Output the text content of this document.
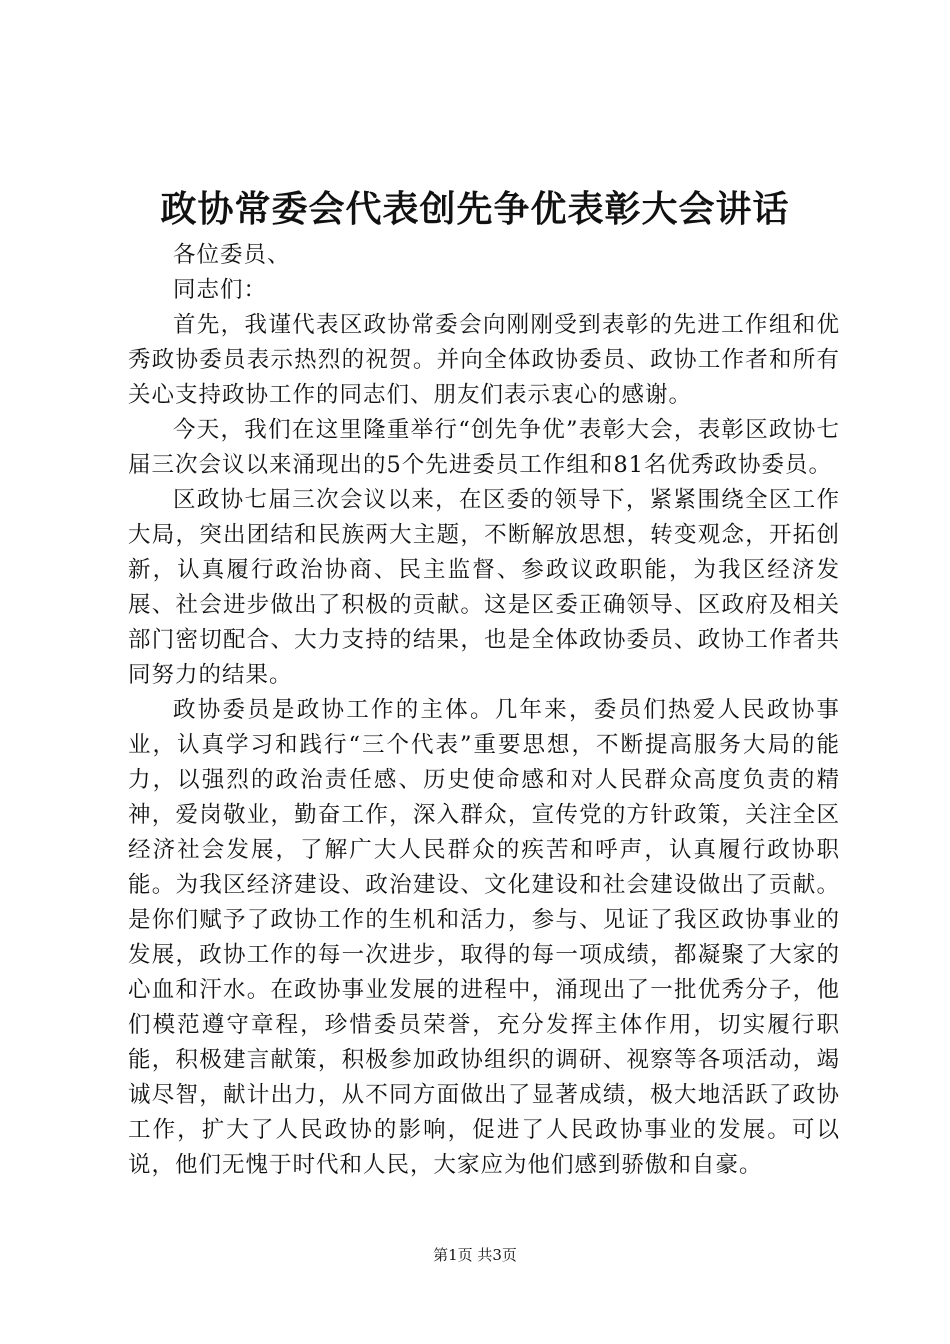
政协常委会代表创先争优表彰大会讲话

各位委员、

同志们：

首先，我谨代表区政协常委会向刚刚受到表彰的先进工作组和优秀政协委员表示热烈的祝贺。并向全体政协委员、政协工作者和所有关心支持政协工作的同志们、朋友们表示衷心的感谢。

今天，我们在这里隆重举行“创先争优”表彰大会，表彰区政协七届三次会议以来涌现出的5个先进委员工作组和81名优秀政协委员。

区政协七届三次会议以来，在区委的领导下，紧紧围绕全区工作大局，突出团结和民族两大主题，不断解放思想，转变观念，开拓创新，认真履行政治协商、民主监督、参政议政职能，为我区经济发展、社会进步做出了积极的贡献。这是区委正确领导、区政府及相关部门密切配合、大力支持的结果，也是全体政协委员、政协工作者共同努力的结果。

政协委员是政协工作的主体。几年来，委员们热爱人民政协事业，认真学习和践行“三个代表”重要思想，不断提高服务大局的能力，以强烈的政治责任感、历史使命感和对人民群众高度负责的精神，爱岗敬业，勤奋工作，深入群众，宣传党的方针政策，关注全区经济社会发展，了解广大人民群众的疾苦和呼声，认真履行政协职能。为我区经济建设、政治建设、文化建设和社会建设做出了贡献。是你们赋予了政协工作的生机和活力，参与、见证了我区政协事业的发展，政协工作的每一次进步，取得的每一项成绩，都凝聚了大家的心血和汗水。在政协事业发展的进程中，涌现出了一批优秀分子，他们模范遵守章程，珍惜委员荣誉，充分发挥主体作用，切实履行职能，积极建言献策，积极参加政协组织的调研、视察等各项活动，竭诚尽智，献计出力，从不同方面做出了显著成绩，极大地活跃了政协工作，扩大了人民政协的影响，促进了人民政协事业的发展。可以说，他们无愧于时代和人民，大家应为他们感到骄傲和自豪。

第1页 共3页
